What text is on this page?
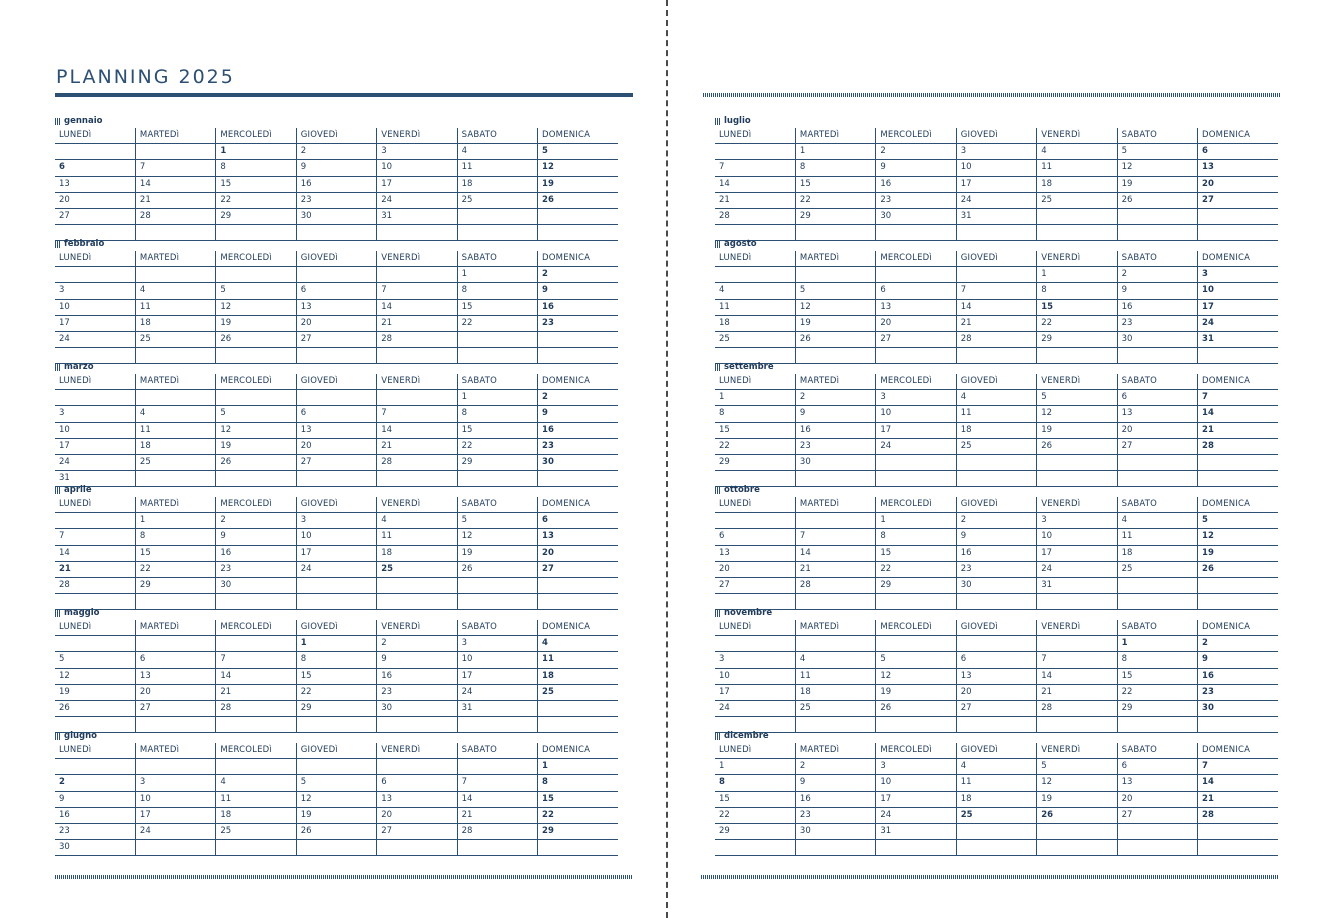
PLANNING 2025
gennaio
LUNEDì	MARTEDì	MERCOLEDì	GIOVEDì	VENERDì	SABATO	DOMENICA
		1	2	3	4	5
6	7	8	9	10	11	12
13	14	15	16	17	18	19
20	21	22	23	24	25	26
27	28	29	30	31		

febbraio
LUNEDì	MARTEDì	MERCOLEDì	GIOVEDì	VENERDì	SABATO	DOMENICA
					1	2
3	4	5	6	7	8	9
10	11	12	13	14	15	16
17	18	19	20	21	22	23
24	25	26	27	28		

marzo
LUNEDì	MARTEDì	MERCOLEDì	GIOVEDì	VENERDì	SABATO	DOMENICA
					1	2
3	4	5	6	7	8	9
10	11	12	13	14	15	16
17	18	19	20	21	22	23
24	25	26	27	28	29	30
31						
aprile
LUNEDì	MARTEDì	MERCOLEDì	GIOVEDì	VENERDì	SABATO	DOMENICA
	1	2	3	4	5	6
7	8	9	10	11	12	13
14	15	16	17	18	19	20
21	22	23	24	25	26	27
28	29	30				

maggio
LUNEDì	MARTEDì	MERCOLEDì	GIOVEDì	VENERDì	SABATO	DOMENICA
			1	2	3	4
5	6	7	8	9	10	11
12	13	14	15	16	17	18
19	20	21	22	23	24	25
26	27	28	29	30	31	

giugno
LUNEDì	MARTEDì	MERCOLEDì	GIOVEDì	VENERDì	SABATO	DOMENICA
						1
2	3	4	5	6	7	8
9	10	11	12	13	14	15
16	17	18	19	20	21	22
23	24	25	26	27	28	29
30						
luglio
LUNEDì	MARTEDì	MERCOLEDì	GIOVEDì	VENERDì	SABATO	DOMENICA
	1	2	3	4	5	6
7	8	9	10	11	12	13
14	15	16	17	18	19	20
21	22	23	24	25	26	27
28	29	30	31			

agosto
LUNEDì	MARTEDì	MERCOLEDì	GIOVEDì	VENERDì	SABATO	DOMENICA
				1	2	3
4	5	6	7	8	9	10
11	12	13	14	15	16	17
18	19	20	21	22	23	24
25	26	27	28	29	30	31

settembre
LUNEDì	MARTEDì	MERCOLEDì	GIOVEDì	VENERDì	SABATO	DOMENICA
1	2	3	4	5	6	7
8	9	10	11	12	13	14
15	16	17	18	19	20	21
22	23	24	25	26	27	28
29	30					

ottobre
LUNEDì	MARTEDì	MERCOLEDì	GIOVEDì	VENERDì	SABATO	DOMENICA
		1	2	3	4	5
6	7	8	9	10	11	12
13	14	15	16	17	18	19
20	21	22	23	24	25	26
27	28	29	30	31		

novembre
LUNEDì	MARTEDì	MERCOLEDì	GIOVEDì	VENERDì	SABATO	DOMENICA
					1	2
3	4	5	6	7	8	9
10	11	12	13	14	15	16
17	18	19	20	21	22	23
24	25	26	27	28	29	30

dicembre
LUNEDì	MARTEDì	MERCOLEDì	GIOVEDì	VENERDì	SABATO	DOMENICA
1	2	3	4	5	6	7
8	9	10	11	12	13	14
15	16	17	18	19	20	21
22	23	24	25	26	27	28
29	30	31				
